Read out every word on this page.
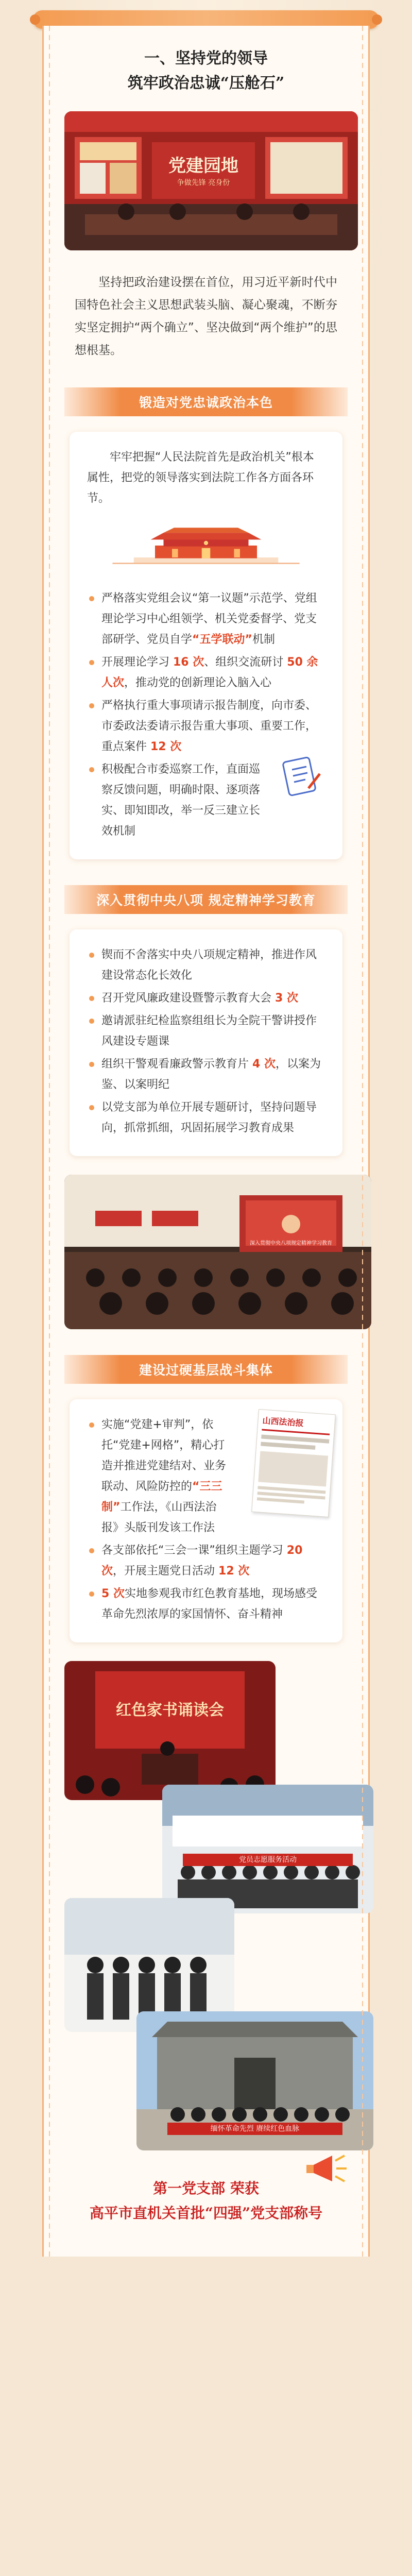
一、坚持党的领导
筑牢政治忠诚“压舱石”
党建园地
争做先锋 亮身份

坚持把政治建设摆在首位，用习近平新时代中国特色社会主义思想武装头脑、凝心聚魂，不断夯实坚定拥护“两个确立”、坚决做到“两个维护”的思想根基。

锻造对党忠诚政治本色

牢牢把握“人民法院首先是政治机关”根本属性，把党的领导落实到法院工作各方面各环节。

严格落实党组会议“第一议题”示范学、党组理论学习中心组领学、机关党委督学、党支部研学、党员自学“五学联动”机制
开展理论学习 16 次、组织交流研讨 50 余人次，推动党的创新理论入脑入心
严格执行重大事项请示报告制度，向市委、市委政法委请示报告重大事项、重要工作，重点案件 12 次
积极配合市委巡察工作，直面巡察反馈问题，明确时限、逐项落实、即知即改，举一反三建立长效机制
深入贯彻中央八项 规定精神学习教育
锲而不舍落实中央八项规定精神，推进作风建设常态化长效化
召开党风廉政建设暨警示教育大会 3 次
邀请派驻纪检监察组组长为全院干警讲授作风建设专题课
组织干警观看廉政警示教育片 4 次，以案为鉴、以案明纪
以党支部为单位开展专题研讨，坚持问题导向，抓常抓细，巩固拓展学习教育成果
深入贯彻中央八项规定精神学习教育
建设过硬基层战斗集体
山西法治报
实施“党建+审判”，依托“党建+网格”，精心打造并推进党建结对、业务联动、风险防控的“三三制”工作法，《山西法治报》头版刊发该工作法
各支部依托“三会一课”组织主题学习 20 次，开展主题党日活动 12 次
5 次实地参观我市红色教育基地，现场感受革命先烈浓厚的家国情怀、奋斗精神
红色家书诵读会
党员志愿服务活动
缅怀革命先烈 赓续红色血脉
第一党支部 荣获
高平市直机关首批“四强”党支部称号
